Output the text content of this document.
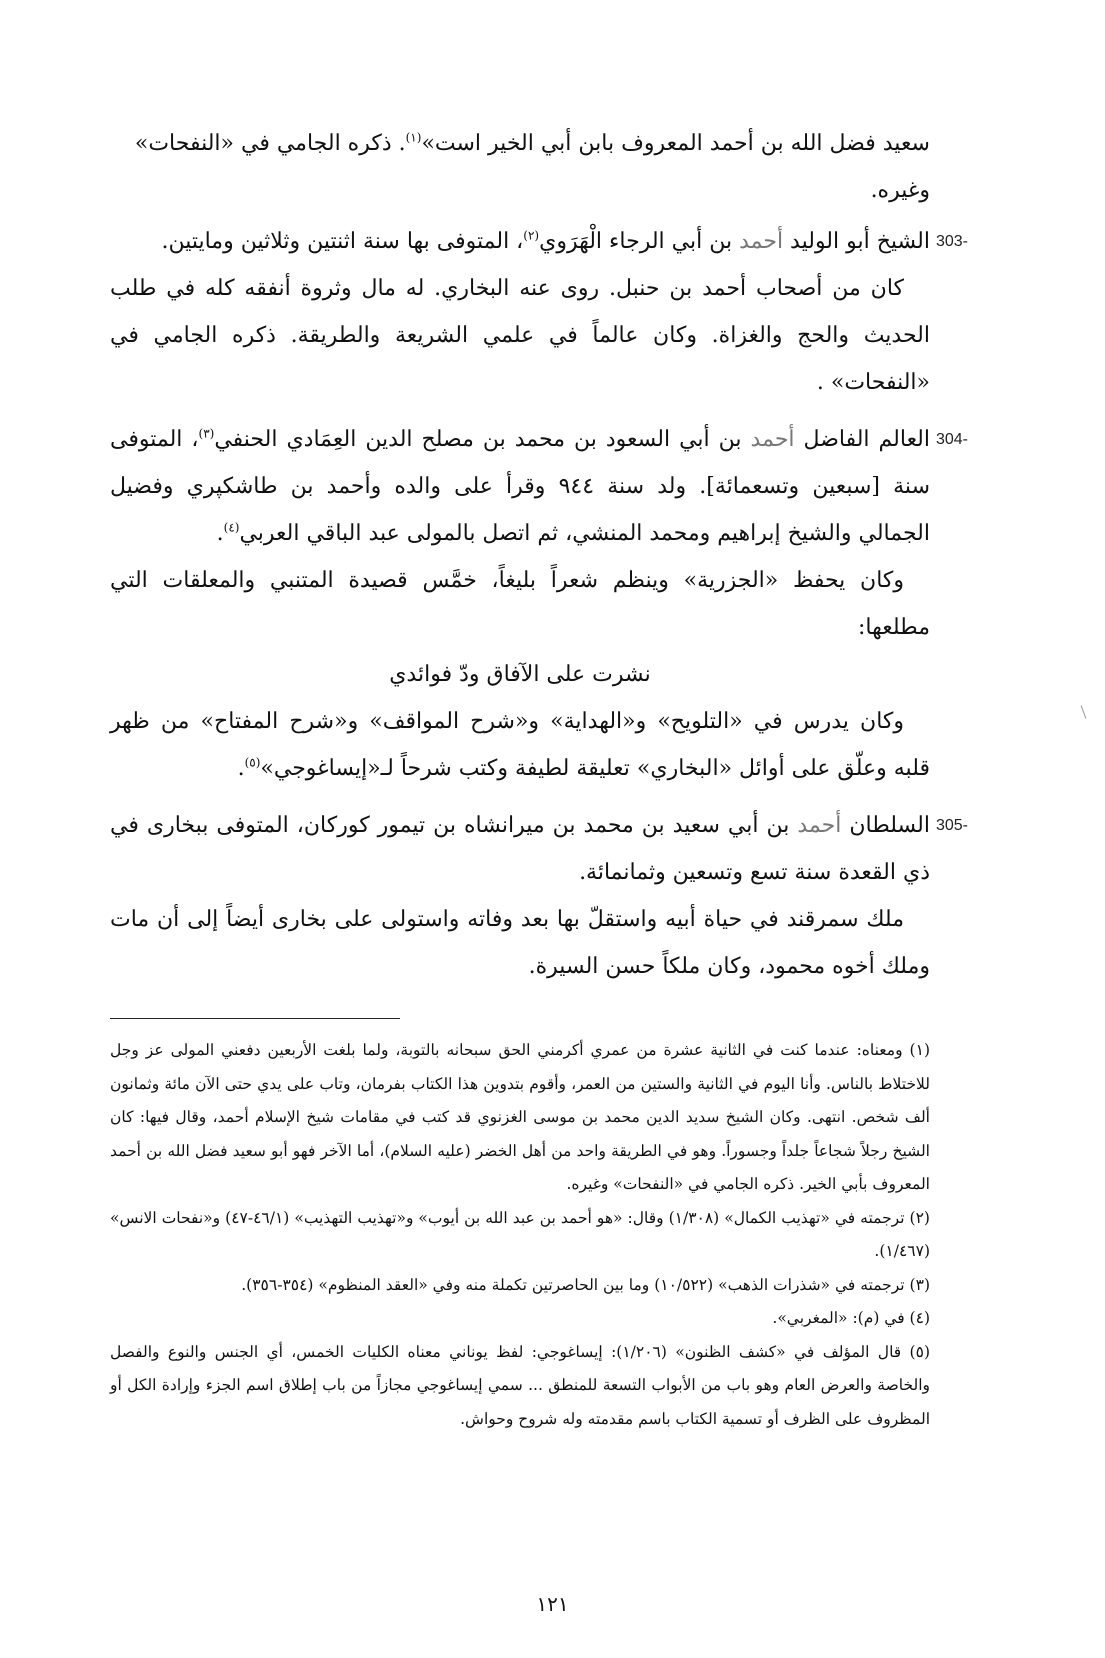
سعيد فضل الله بن أحمد المعروف بابن أبي الخير است»$^{(١)}$. ذكره الجامي في «النفحات»
وغيره.

303-

الشيخ أبو الوليد أحمد بن أبي الرجاء الْهَرَوي$^{(٢)}$، المتوفى بها سنة اثنتين وثلاثين ومايتين.

كان من أصحاب أحمد بن حنبل. روى عنه البخاري. له مال وثروة أنفقه كله في طلب الحديث والحج والغزاة. وكان عالماً في علمي الشريعة والطريقة. ذكره الجامي في «النفحات» .

304-

العالم الفاضل أحمد بن أبي السعود بن محمد بن مصلح الدين العِمَادي الحنفي$^{(٣)}$، المتوفى سنة [سبعين وتسعمائة]. ولد سنة ٩٤٤ وقرأ على والده وأحمد بن طاشكپري وفضيل الجمالي والشيخ إبراهيم ومحمد المنشي، ثم اتصل بالمولى عبد الباقي العربي$^{(٤)}$.

وكان يحفظ «الجزرية» وينظم شعراً بليغاً، خمَّس قصيدة المتنبي والمعلقات التي مطلعها:

نشرت على الآفاق ودّ فوائدي

وكان يدرس في «التلويح» و«الهداية» و«شرح المواقف» و«شرح المفتاح» من ظهر قلبه وعلّق على أوائل «البخاري» تعليقة لطيفة وكتب شرحاً لـ«إيساغوجي»$^{(٥)}$.

305-

السلطان أحمد بن أبي سعيد بن محمد بن ميرانشاه بن تيمور كوركان، المتوفى ببخارى في ذي القعدة سنة تسع وتسعين وثمانمائة.

ملك سمرقند في حياة أبيه واستقلّ بها بعد وفاته واستولى على بخارى أيضاً إلى أن مات وملك أخوه محمود، وكان ملكاً حسن السيرة.

(١) ومعناه: عندما كنت في الثانية عشرة من عمري أكرمني الحق سبحانه بالتوبة، ولما بلغت الأربعين دفعني المولى عز وجل للاختلاط بالناس. وأنا اليوم في الثانية والستين من العمر، وأقوم بتدوين هذا الكتاب بفرمان، وتاب على يدي حتى الآن مائة وثمانون ألف شخص. انتهى. وكان الشيخ سديد الدين محمد بن موسى الغزنوي قد كتب في مقامات شيخ الإسلام أحمد، وقال فيها: كان الشيخ رجلاً شجاعاً جلداً وجسوراً. وهو في الطريقة واحد من أهل الخضر (عليه السلام)، أما الآخر فهو أبو سعيد فضل الله بن أحمد المعروف بأبي الخير. ذكره الجامي في «النفحات» وغيره.

(٢) ترجمته في «تهذيب الكمال» (١/٣٠٨) وقال: «هو أحمد بن عبد الله بن أيوب» و«تهذيب التهذيب» (٤٦/١-٤٧) و«نفحات الانس» (١/٤٦٧).

(٣) ترجمته في «شذرات الذهب» (١٠/٥٢٢) وما بين الحاصرتين تكملة منه وفي «العقد المنظوم» (٣٥٤-٣٥٦).

(٤) في (م): «المغربي».

(٥) قال المؤلف في «كشف الظنون» (١/٢٠٦): إيساغوجي: لفظ يوناني معناه الكليات الخمس، أي الجنس والنوع والفصل والخاصة والعرض العام وهو باب من الأبواب التسعة للمنطق ... سمي إيساغوجي مجازاً من باب إطلاق اسم الجزء وإرادة الكل أو المظروف على الظرف أو تسمية الكتاب باسم مقدمته وله شروح وحواش.

١٢١
